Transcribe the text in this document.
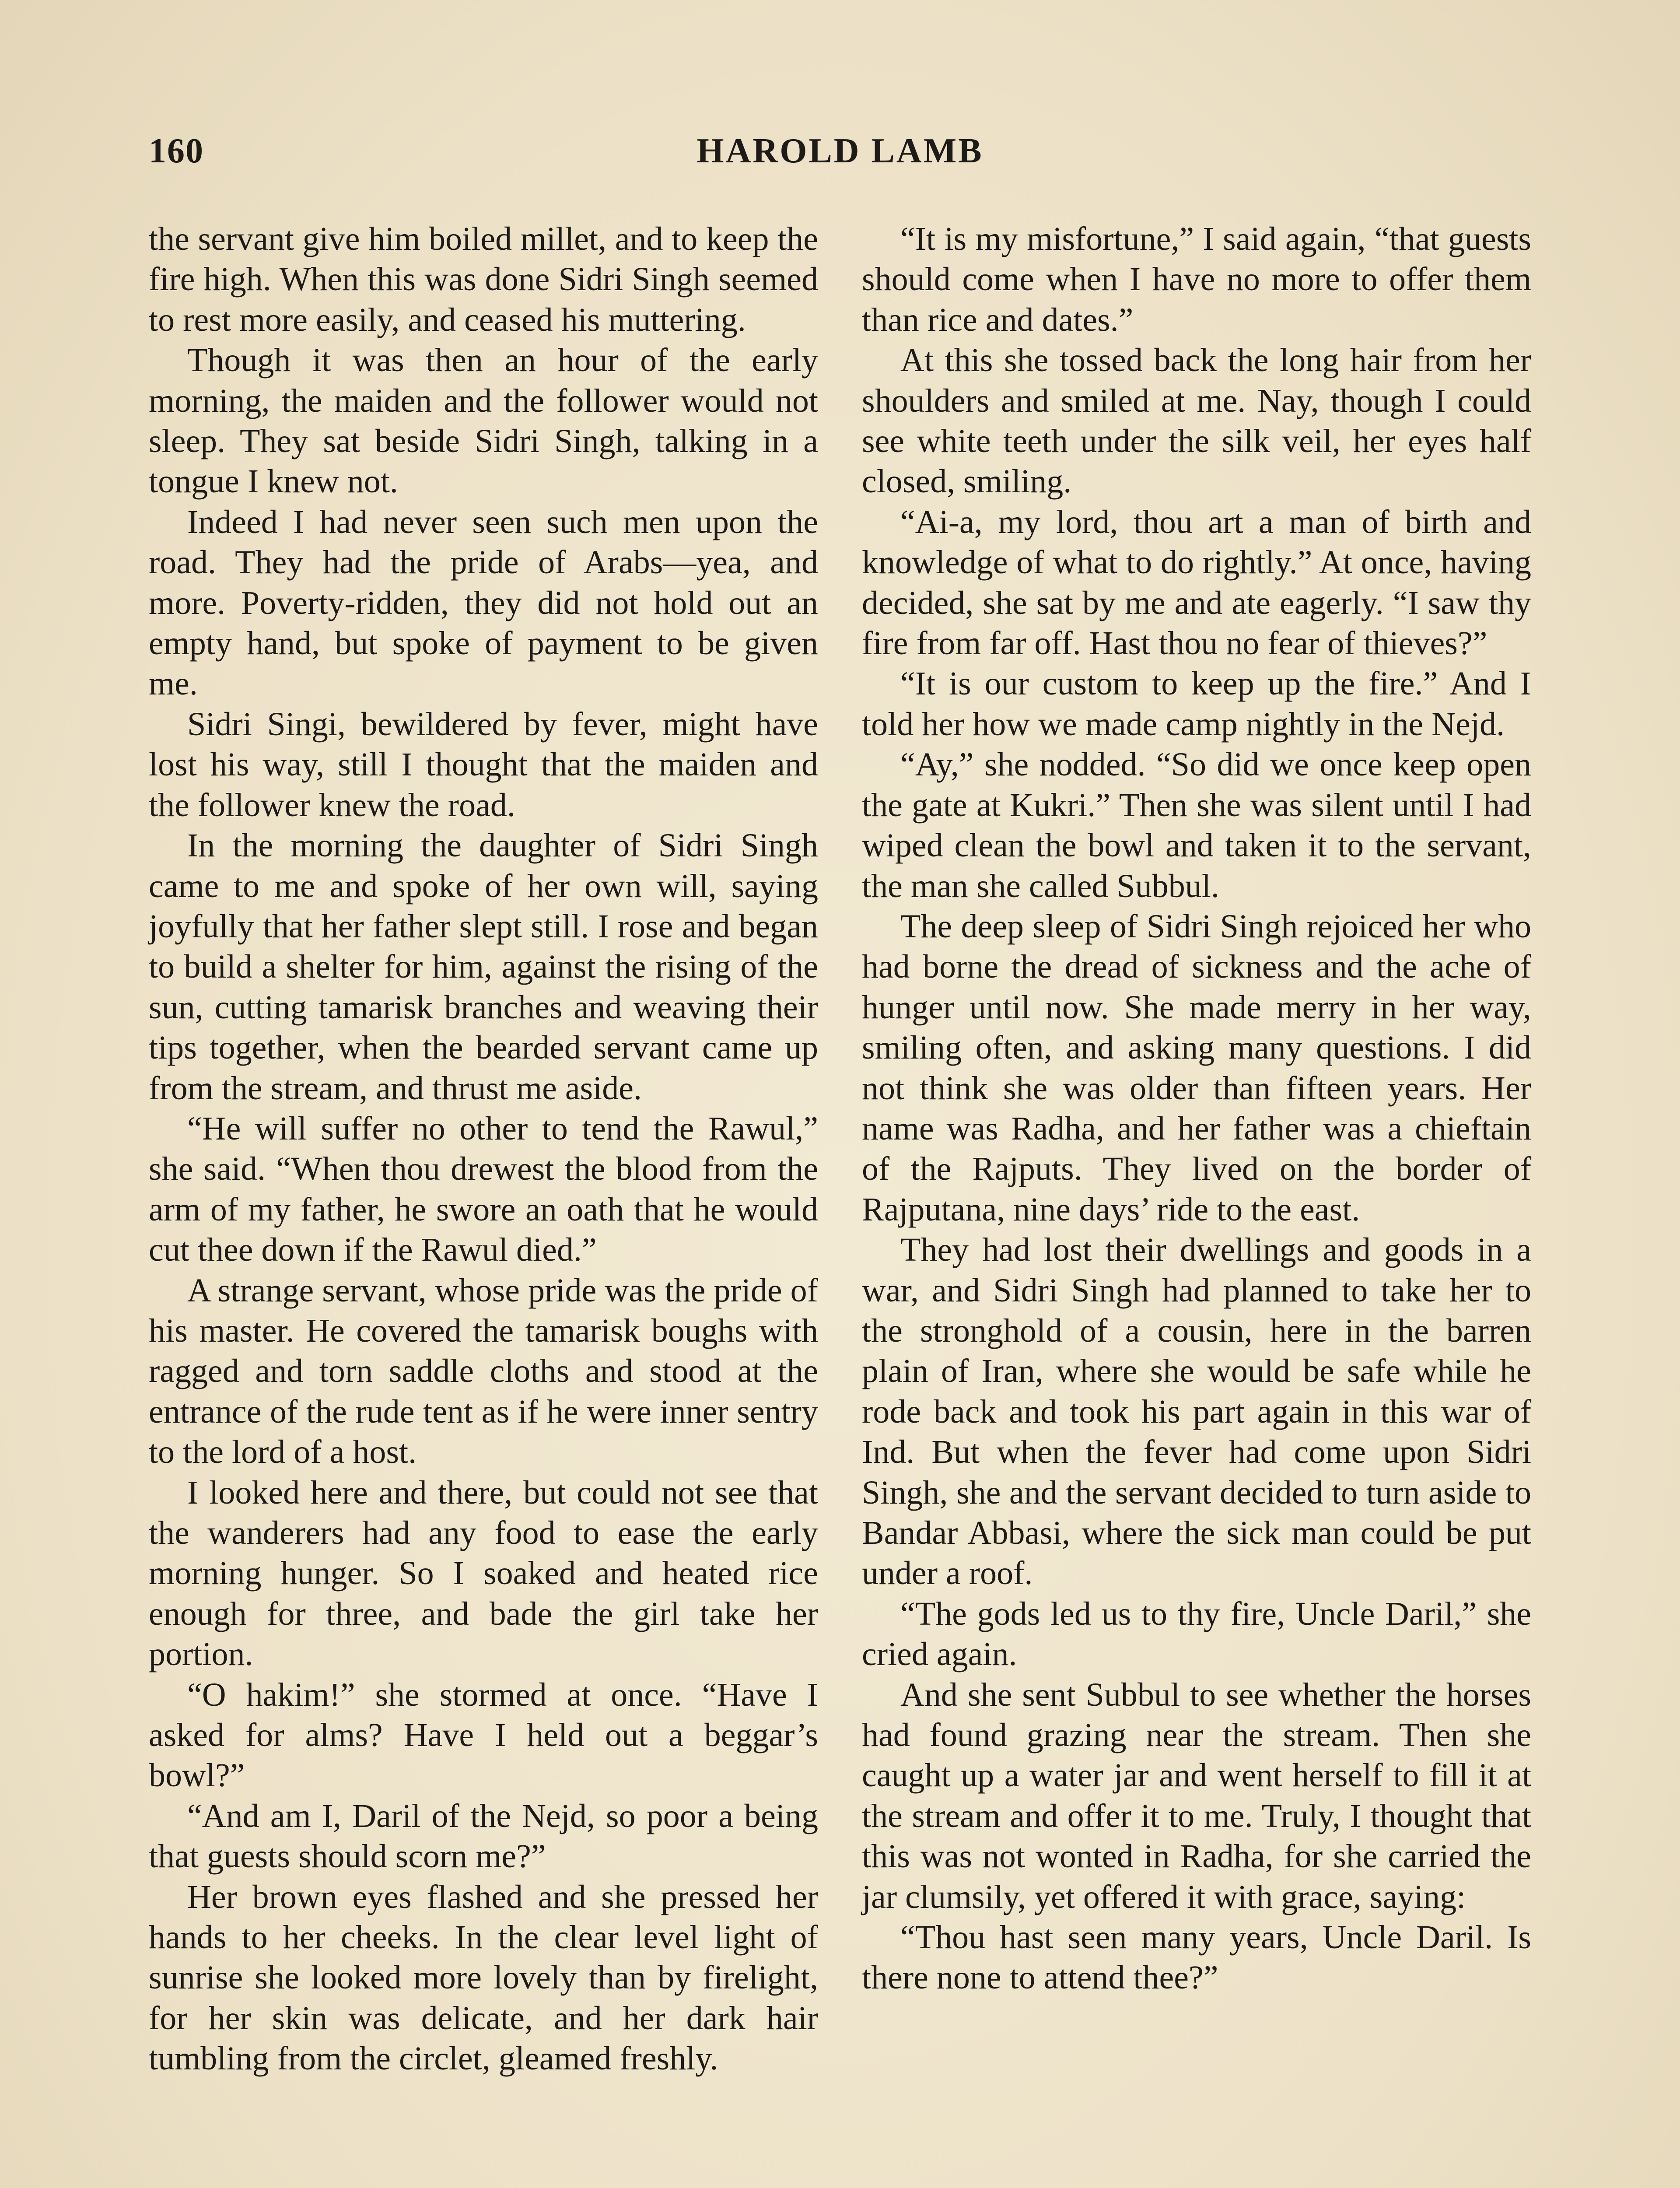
160	HAROLD LAMB

the servant give him boiled millet, and to keep the fire high. When this was done Sidri Singh seemed to rest more easily, and ceased his muttering.

Though it was then an hour of the early morning, the maiden and the follower would not sleep. They sat beside Sidri Singh, talking in a tongue I knew not.

Indeed I had never seen such men upon the road. They had the pride of Arabs—yea, and more. Poverty-ridden, they did not hold out an empty hand, but spoke of payment to be given me.

Sidri Singi, bewildered by fever, might have lost his way, still I thought that the maiden and the follower knew the road.

In the morning the daughter of Sidri Singh came to me and spoke of her own will, saying joyfully that her father slept still. I rose and began to build a shelter for him, against the rising of the sun, cutting tamarisk branches and weaving their tips together, when the bearded servant came up from the stream, and thrust me aside.

“He will suffer no other to tend the Rawul,” she said. “When thou drewest the blood from the arm of my father, he swore an oath that he would cut thee down if the Rawul died.”

A strange servant, whose pride was the pride of his master. He covered the tamarisk boughs with ragged and torn saddle cloths and stood at the entrance of the rude tent as if he were inner sentry to the lord of a host.

I looked here and there, but could not see that the wanderers had any food to ease the early morning hunger. So I soaked and heated rice enough for three, and bade the girl take her portion.

“O hakim!” she stormed at once. “Have I asked for alms? Have I held out a beggar’s bowl?”

“And am I, Daril of the Nejd, so poor a being that guests should scorn me?”

Her brown eyes flashed and she pressed her hands to her cheeks. In the clear level light of sunrise she looked more lovely than by firelight, for her skin was delicate, and her dark hair tumbling from the circlet, gleamed freshly.

“It is my misfortune,” I said again, “that guests should come when I have no more to offer them than rice and dates.”

At this she tossed back the long hair from her shoulders and smiled at me. Nay, though I could see white teeth under the silk veil, her eyes half closed, smiling.

“Ai-a, my lord, thou art a man of birth and knowledge of what to do rightly.” At once, having decided, she sat by me and ate eagerly. “I saw thy fire from far off. Hast thou no fear of thieves?”

“It is our custom to keep up the fire.” And I told her how we made camp nightly in the Nejd.

“Ay,” she nodded. “So did we once keep open the gate at Kukri.” Then she was silent until I had wiped clean the bowl and taken it to the servant, the man she called Subbul.

The deep sleep of Sidri Singh rejoiced her who had borne the dread of sickness and the ache of hunger until now. She made merry in her way, smiling often, and asking many questions. I did not think she was older than fifteen years. Her name was Radha, and her father was a chieftain of the Rajputs. They lived on the border of Rajputana, nine days’ ride to the east.

They had lost their dwellings and goods in a war, and Sidri Singh had planned to take her to the stronghold of a cousin, here in the barren plain of Iran, where she would be safe while he rode back and took his part again in this war of Ind. But when the fever had come upon Sidri Singh, she and the servant decided to turn aside to Bandar Abbasi, where the sick man could be put under a roof.

“The gods led us to thy fire, Uncle Daril,” she cried again.

And she sent Subbul to see whether the horses had found grazing near the stream. Then she caught up a water jar and went herself to fill it at the stream and offer it to me. Truly, I thought that this was not wonted in Radha, for she carried the jar clumsily, yet offered it with grace, saying:

“Thou hast seen many years, Uncle Daril. Is there none to attend thee?”
